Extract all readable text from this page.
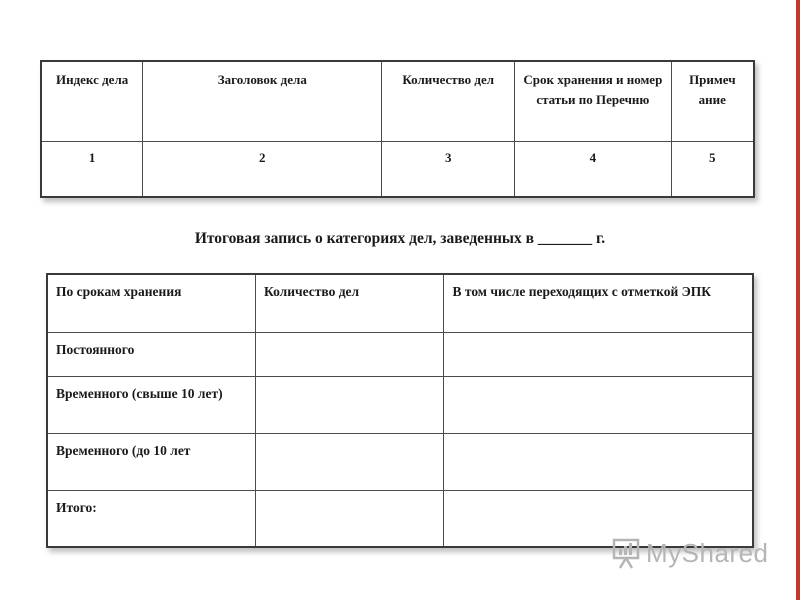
Индекс дела	Заголовок дела	Количество дел	Срок хранения и номер статьи по Перечню	Примеч ание
1	2	3	4	5
Итоговая запись о категориях дел, заведенных в _______ г.
По срокам хранения	Количество дел	В том числе переходящих с отметкой ЭПК
Постоянного		
Временного (свыше 10 лет)		
Временного (до 10 лет		
Итого:		
MyShared
